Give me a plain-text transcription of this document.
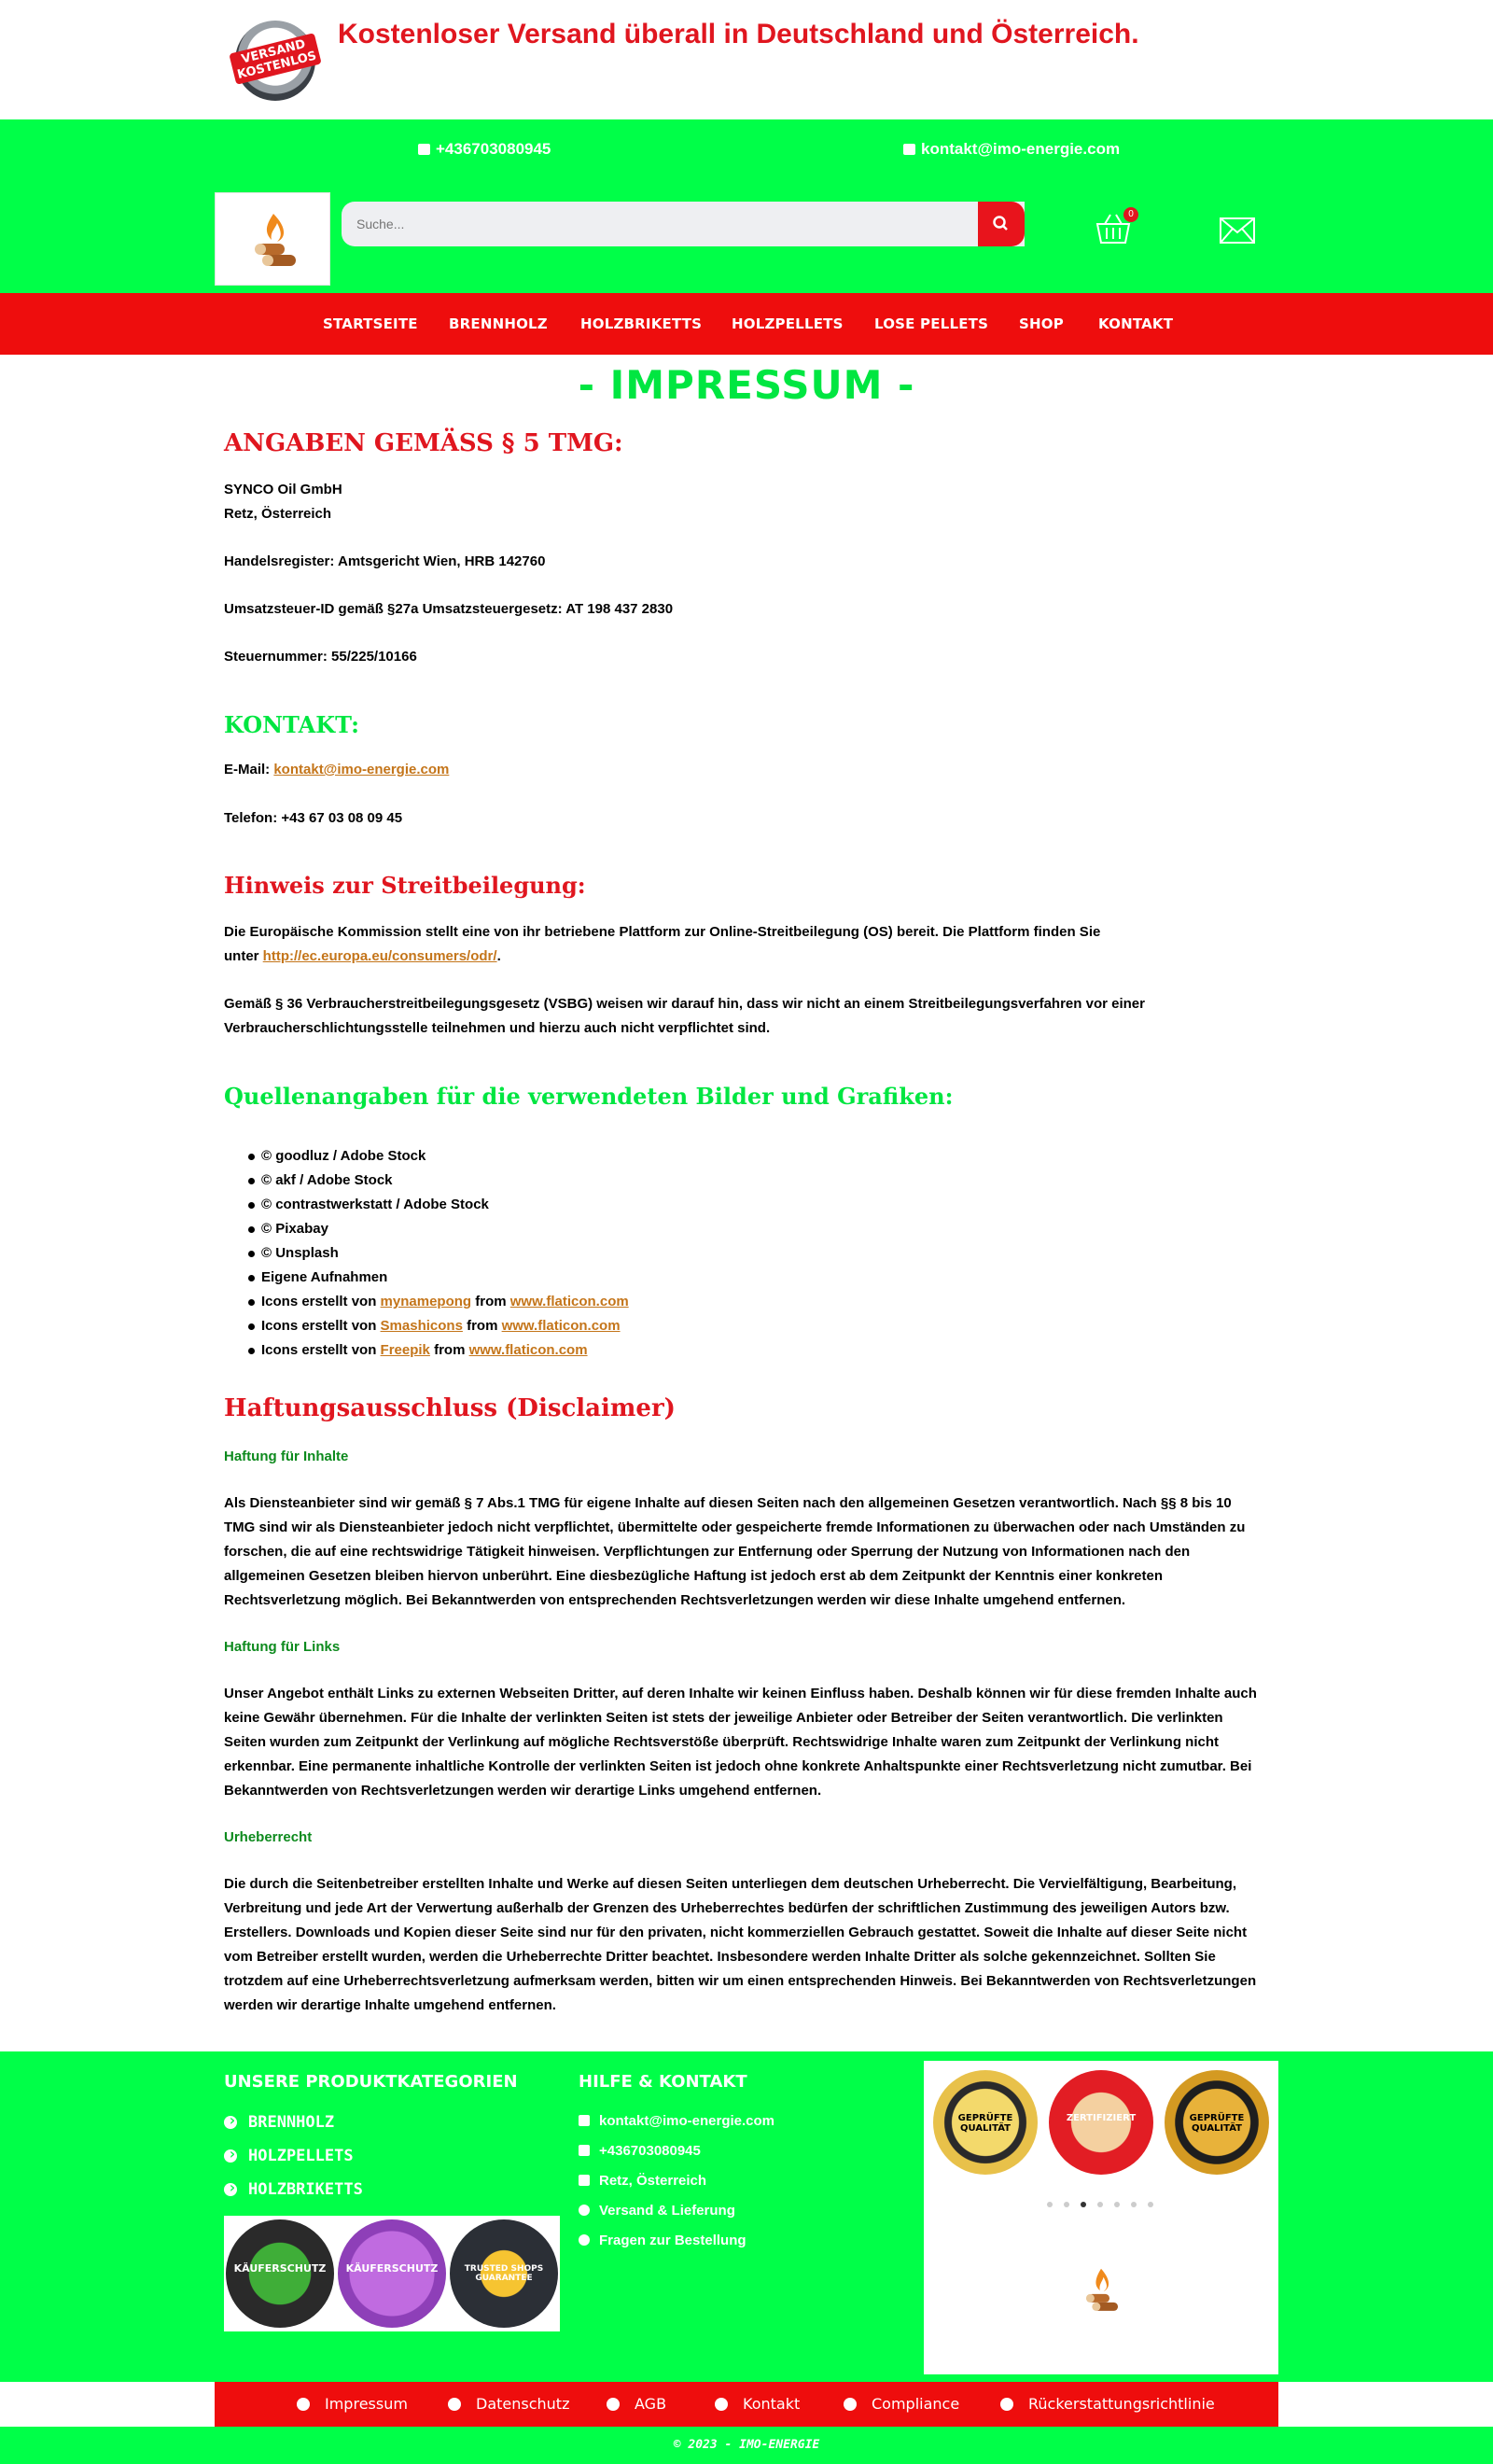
VERSAND KOSTENLOS
Kostenloser Versand überall in Deutschland und Österreich.
+436703080945	kontakt@imo-energie.com
Suche...
0
STARTSEITE BRENNHOLZ HOLZBRIKETTS HOLZPELLETS LOSE PELLETS SHOP KONTAKT
- IMPRESSUM -
ANGABEN GEMÄSS § 5 TMG:
SYNCO Oil GmbH
Retz, Österreich
Handelsregister: Amtsgericht Wien, HRB 142760
Umsatzsteuer-ID gemäß §27a Umsatzsteuergesetz: AT 198 437 2830
Steuernummer: 55/225/10166
KONTAKT:
E-Mail: kontakt@imo-energie.com
Telefon: +43 67 03 08 09 45
Hinweis zur Streitbeilegung:
Die Europäische Kommission stellt eine von ihr betriebene Plattform zur Online-Streitbeilegung (OS) bereit. Die Plattform finden Sie
unter http://ec.europa.eu/consumers/odr/.
Gemäß § 36 Verbraucherstreitbeilegungsgesetz (VSBG) weisen wir darauf hin, dass wir nicht an einem Streitbeilegungsverfahren vor einer
Verbraucherschlichtungsstelle teilnehmen und hierzu auch nicht verpflichtet sind.
Quellenangaben für die verwendeten Bilder und Grafiken:
© goodluz / Adobe Stock
© akf / Adobe Stock
© contrastwerkstatt / Adobe Stock
© Pixabay
© Unsplash
Eigene Aufnahmen
Icons erstellt von mynamepong from www.flaticon.com
Icons erstellt von Smashicons from www.flaticon.com
Icons erstellt von Freepik from www.flaticon.com
Haftungsausschluss (Disclaimer)
Haftung für Inhalte
Als Diensteanbieter sind wir gemäß § 7 Abs.1 TMG für eigene Inhalte auf diesen Seiten nach den allgemeinen Gesetzen verantwortlich. Nach §§ 8 bis 10
TMG sind wir als Diensteanbieter jedoch nicht verpflichtet, übermittelte oder gespeicherte fremde Informationen zu überwachen oder nach Umständen zu
forschen, die auf eine rechtswidrige Tätigkeit hinweisen. Verpflichtungen zur Entfernung oder Sperrung der Nutzung von Informationen nach den
allgemeinen Gesetzen bleiben hiervon unberührt. Eine diesbezügliche Haftung ist jedoch erst ab dem Zeitpunkt der Kenntnis einer konkreten
Rechtsverletzung möglich. Bei Bekanntwerden von entsprechenden Rechtsverletzungen werden wir diese Inhalte umgehend entfernen.
Haftung für Links
Unser Angebot enthält Links zu externen Webseiten Dritter, auf deren Inhalte wir keinen Einfluss haben. Deshalb können wir für diese fremden Inhalte auch
keine Gewähr übernehmen. Für die Inhalte der verlinkten Seiten ist stets der jeweilige Anbieter oder Betreiber der Seiten verantwortlich. Die verlinkten
Seiten wurden zum Zeitpunkt der Verlinkung auf mögliche Rechtsverstöße überprüft. Rechtswidrige Inhalte waren zum Zeitpunkt der Verlinkung nicht
erkennbar. Eine permanente inhaltliche Kontrolle der verlinkten Seiten ist jedoch ohne konkrete Anhaltspunkte einer Rechtsverletzung nicht zumutbar. Bei
Bekanntwerden von Rechtsverletzungen werden wir derartige Links umgehend entfernen.
Urheberrecht
Die durch die Seitenbetreiber erstellten Inhalte und Werke auf diesen Seiten unterliegen dem deutschen Urheberrecht. Die Vervielfältigung, Bearbeitung,
Verbreitung und jede Art der Verwertung außerhalb der Grenzen des Urheberrechtes bedürfen der schriftlichen Zustimmung des jeweiligen Autors bzw.
Erstellers. Downloads und Kopien dieser Seite sind nur für den privaten, nicht kommerziellen Gebrauch gestattet. Soweit die Inhalte auf dieser Seite nicht
vom Betreiber erstellt wurden, werden die Urheberrechte Dritter beachtet. Insbesondere werden Inhalte Dritter als solche gekennzeichnet. Sollten Sie
trotzdem auf eine Urheberrechtsverletzung aufmerksam werden, bitten wir um einen entsprechenden Hinweis. Bei Bekanntwerden von Rechtsverletzungen
werden wir derartige Inhalte umgehend entfernen.
UNSERE PRODUKTKATEGORIEN
›BRENNHOLZ
›HOLZPELLETS
›HOLZBRIKETTS
KÄUFERSCHUTZ	KÄUFERSCHUTZ	TRUSTED SHOPS GUARANTEE
HILFE & KONTAKT
kontakt@imo-energie.com
+436703080945
Retz, Österreich
Versand & Lieferung
Fragen zur Bestellung
GEPRÜFTE QUALITÄT
ZERTIFIZIERT	GEPRÜFTE QUALITÄT
Impressum	Datenschutz	AGB	Kontakt	Compliance	Rückerstattungsrichtlinie
© 2023 - IMO-ENERGIE
